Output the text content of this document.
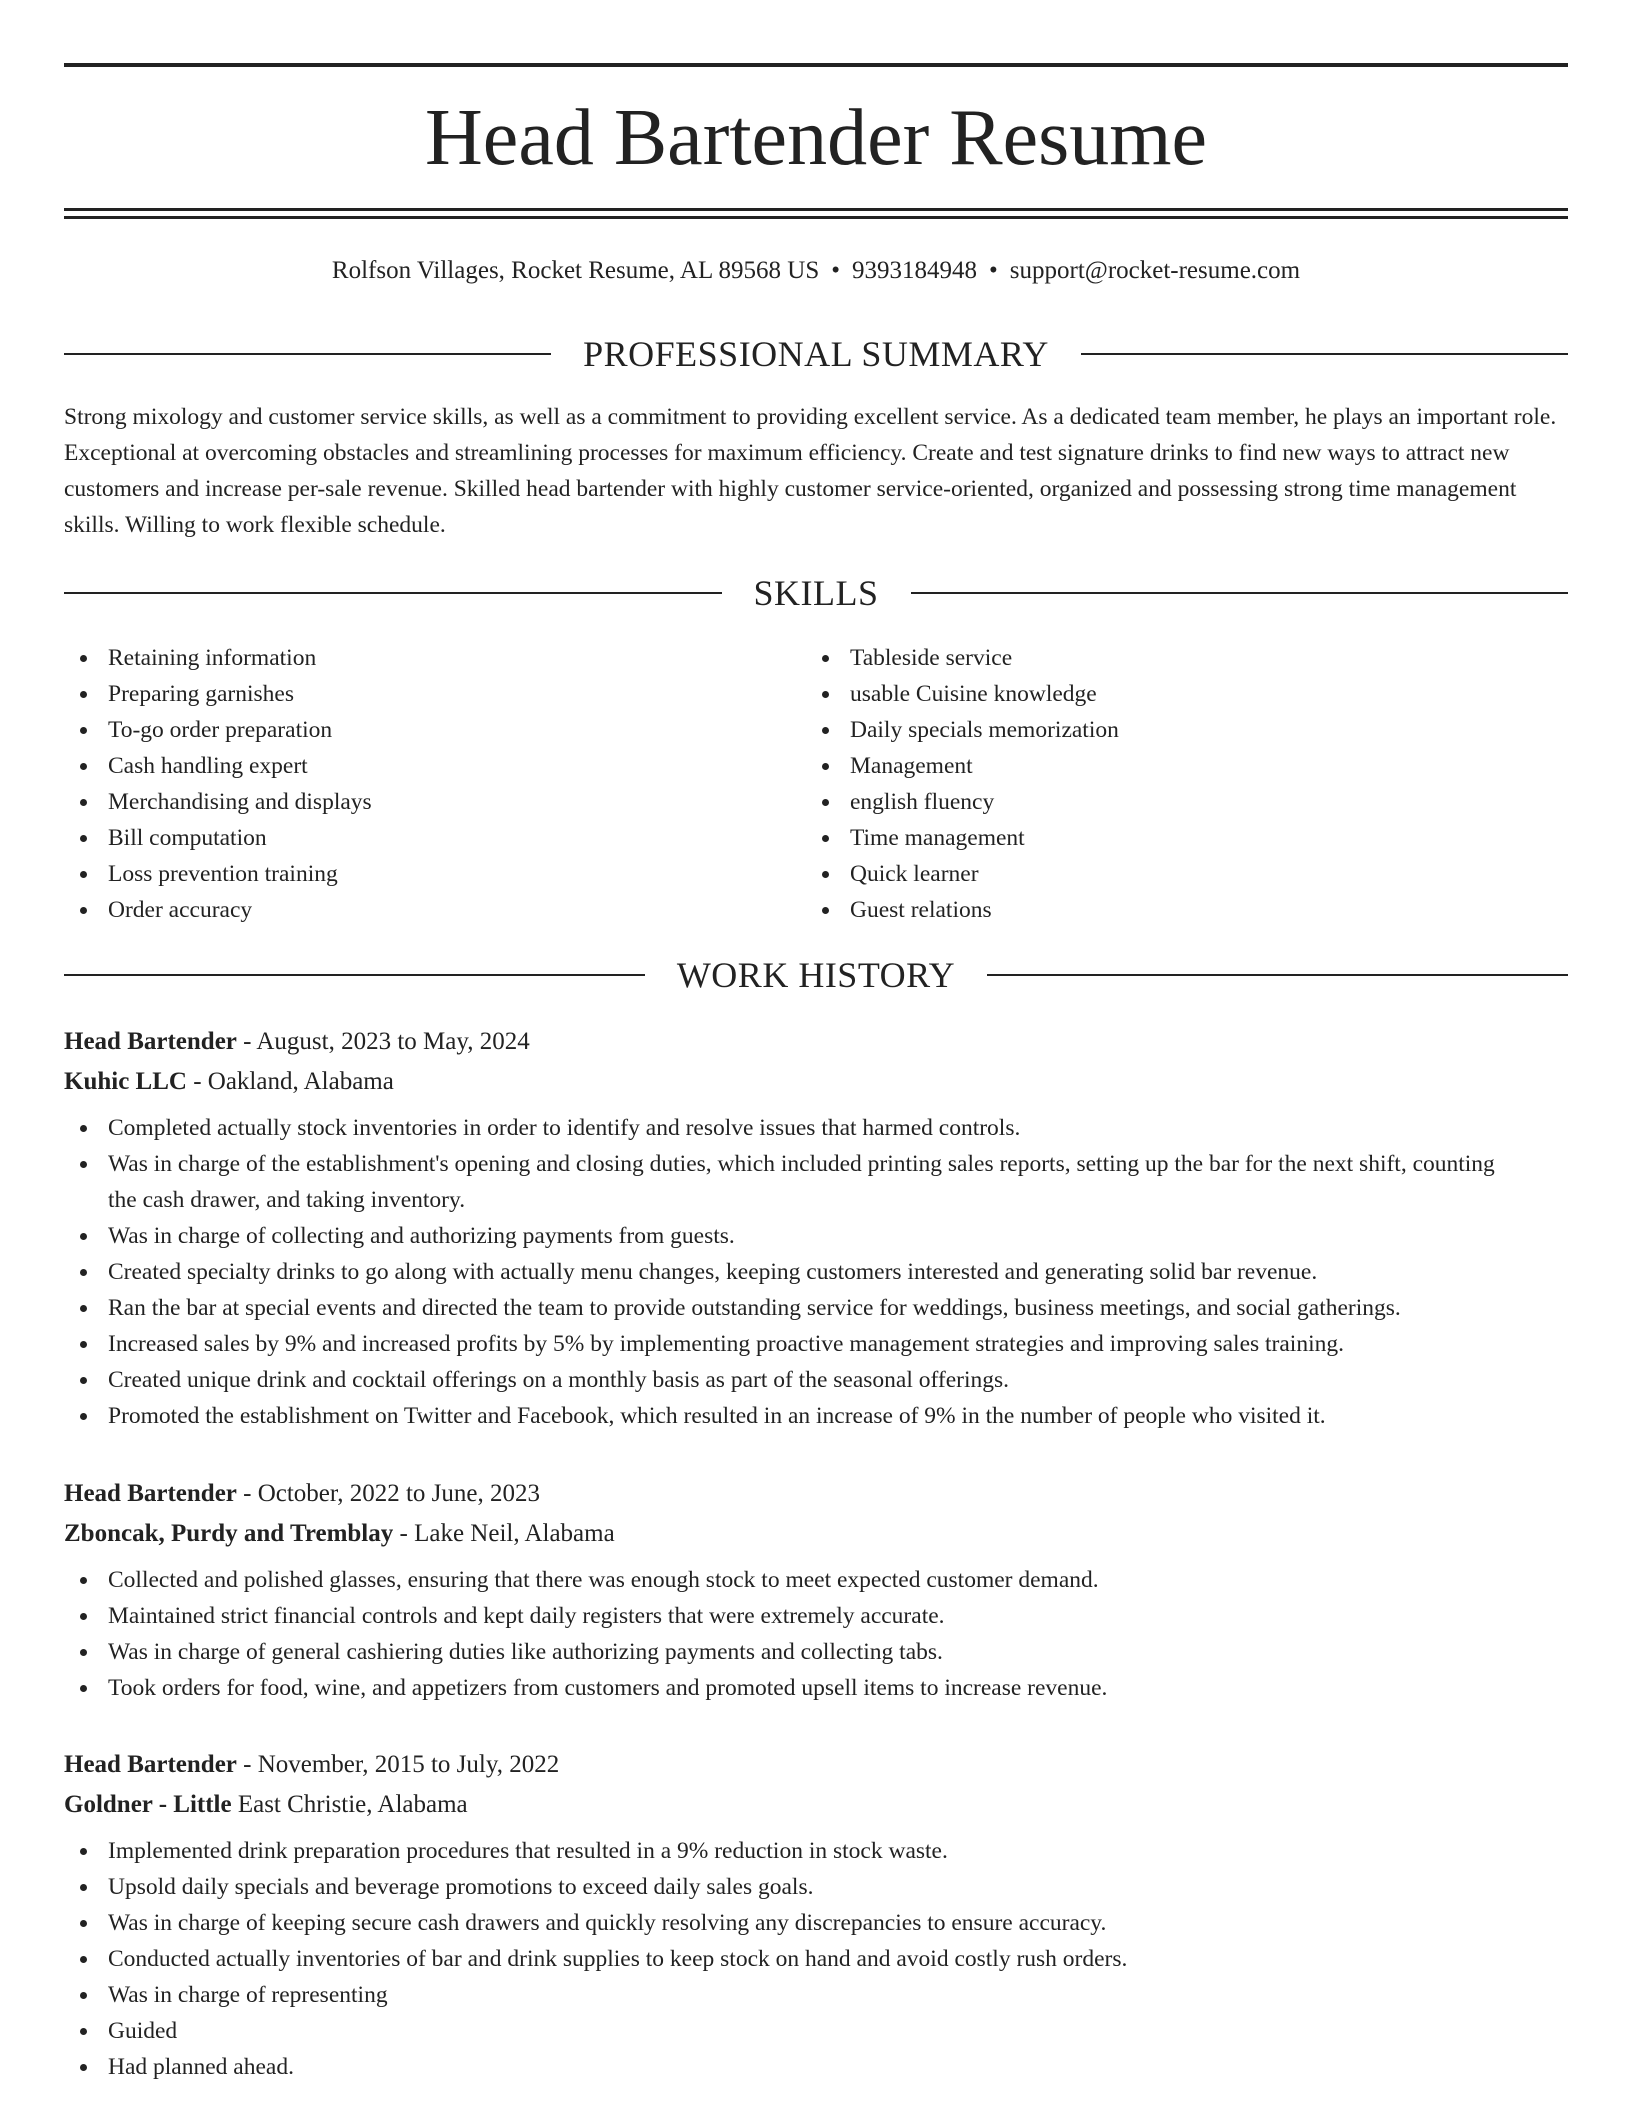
Head Bartender Resume
Rolfson Villages, Rocket Resume, AL 89568 US • 9393184948 • support@rocket-resume.com
PROFESSIONAL SUMMARY

Strong mixology and customer service skills, as well as a commitment to providing excellent service. As a dedicated team member, he plays an important role. Exceptional at overcoming obstacles and streamlining processes for maximum efficiency. Create and test signature drinks to find new ways to attract new customers and increase per-sale revenue. Skilled head bartender with highly customer service-oriented, organized and possessing strong time management skills. Willing to work flexible schedule.

SKILLS
Retaining information
Preparing garnishes
To-go order preparation
Cash handling expert
Merchandising and displays
Bill computation
Loss prevention training
Order accuracy
Tableside service
usable Cuisine knowledge
Daily specials memorization
Management
english fluency
Time management
Quick learner
Guest relations
WORK HISTORY
Head Bartender - August, 2023 to May, 2024
Kuhic LLC - Oakland, Alabama
Completed actually stock inventories in order to identify and resolve issues that harmed controls.
Was in charge of the establishment's opening and closing duties, which included printing sales reports, setting up the bar for the next shift, counting the cash drawer, and taking inventory.
Was in charge of collecting and authorizing payments from guests.
Created specialty drinks to go along with actually menu changes, keeping customers interested and generating solid bar revenue.
Ran the bar at special events and directed the team to provide outstanding service for weddings, business meetings, and social gatherings.
Increased sales by 9% and increased profits by 5% by implementing proactive management strategies and improving sales training.
Created unique drink and cocktail offerings on a monthly basis as part of the seasonal offerings.
Promoted the establishment on Twitter and Facebook, which resulted in an increase of 9% in the number of people who visited it.
Head Bartender - October, 2022 to June, 2023
Zboncak, Purdy and Tremblay - Lake Neil, Alabama
Collected and polished glasses, ensuring that there was enough stock to meet expected customer demand.
Maintained strict financial controls and kept daily registers that were extremely accurate.
Was in charge of general cashiering duties like authorizing payments and collecting tabs.
Took orders for food, wine, and appetizers from customers and promoted upsell items to increase revenue.
Head Bartender - November, 2015 to July, 2022
Goldner - Little East Christie, Alabama
Implemented drink preparation procedures that resulted in a 9% reduction in stock waste.
Upsold daily specials and beverage promotions to exceed daily sales goals.
Was in charge of keeping secure cash drawers and quickly resolving any discrepancies to ensure accuracy.
Conducted actually inventories of bar and drink supplies to keep stock on hand and avoid costly rush orders.
Was in charge of representing
Guided
Had planned ahead.
